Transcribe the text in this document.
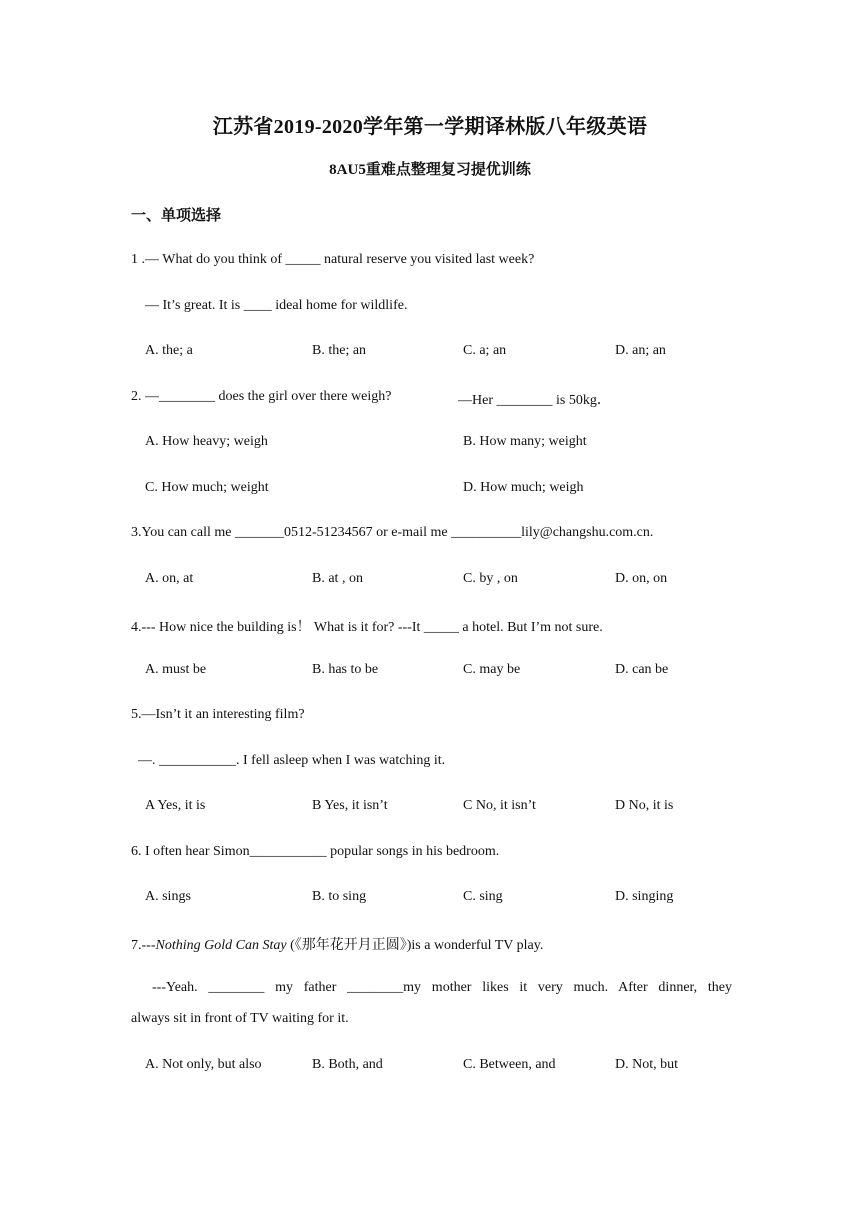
江苏省2019-2020学年第一学期译林版八年级英语
8AU5重难点整理复习提优训练
一、单项选择
1 .— What do you think of _____ natural reserve you visited last week?
— It’s great. It is ____ ideal home for wildlife.
A. the; a	B. the; an	C. a; an	D. an; an
2. —________ does the girl over there weigh?	—Her ________ is 50kg．
A. How heavy; weigh	B. How many; weight
C. How much; weight	D. How much; weigh
3.You can call me _______0512-51234567 or e-mail me __________lily@changshu.com.cn.
A. on, at	B. at , on	C. by , on	D. on, on
4.--- How nice the building is！ What is it for? ---It _____ a hotel. But I’m not sure.
A. must be	B. has to be	C. may be	D. can be
5.—Isn’t it an interesting film?
—. ___________. I fell asleep when I was watching it.
A Yes, it is	B Yes, it isn’t	C No, it isn’t	D No, it is
6. I often hear Simon___________ popular songs in his bedroom.
A. sings	B. to sing	C. sing	D. singing
7.---Nothing Gold Can Stay (《那年花开月正圆》)is a wonderful TV play.
---Yeah. ________ my father ________my mother likes it very much. After dinner, they
always sit in front of TV waiting for it.
A. Not only, but also	B. Both, and	C. Between, and	D. Not, but
